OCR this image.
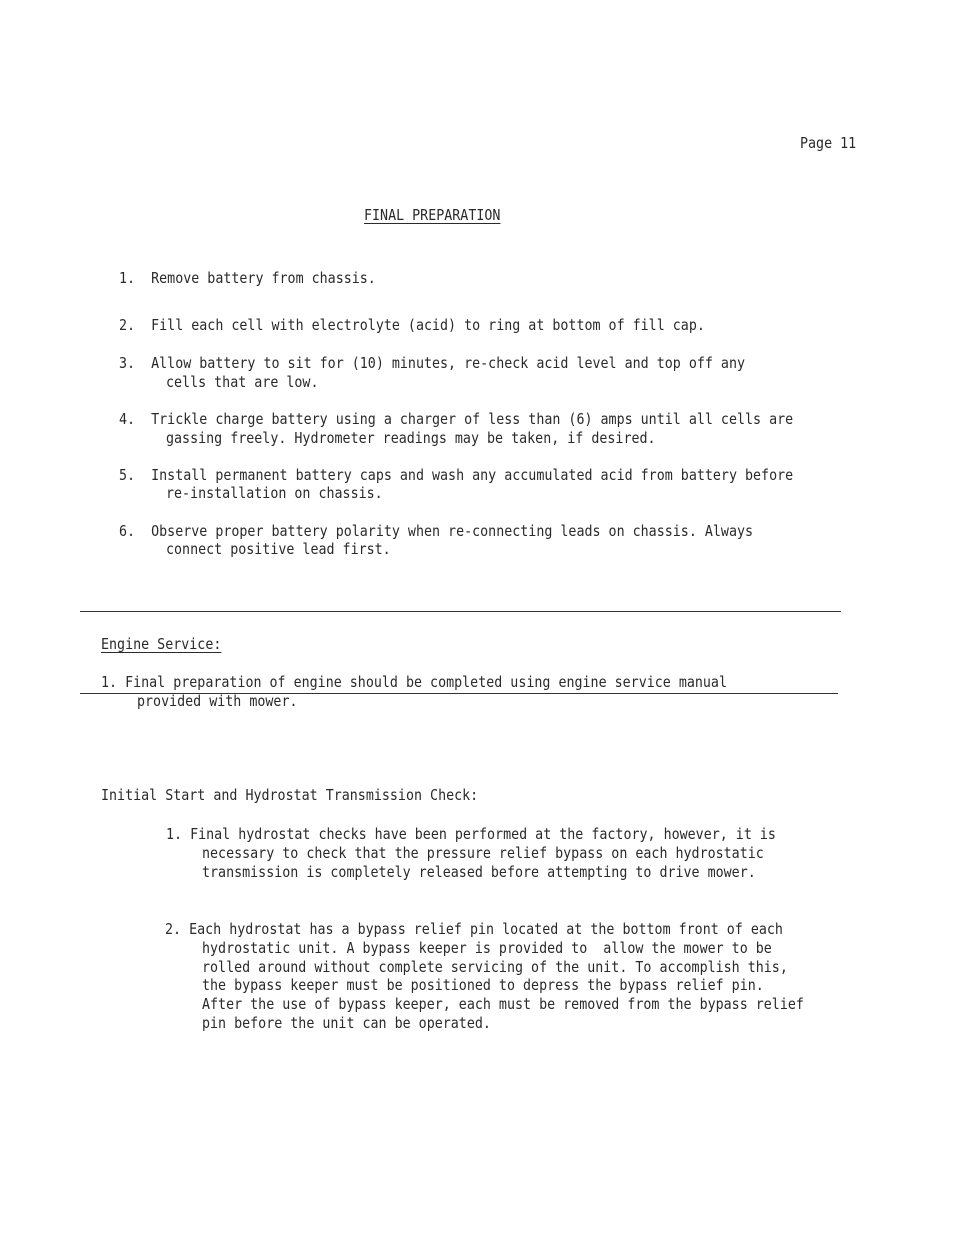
Page 11

FINAL PREPARATION

1. Remove battery from chassis.

2. Fill each cell with electrolyte (acid) to ring at bottom of fill cap.

3. Allow battery to sit for (10) minutes, re-check acid level and top off any

cells that are low.

4. Trickle charge battery using a charger of less than (6) amps until all cells are

gassing freely. Hydrometer readings may be taken, if desired.

5. Install permanent battery caps and wash any accumulated acid from battery before

re-installation on chassis.

6. Observe proper battery polarity when re-connecting leads on chassis. Always

connect positive lead first.

Engine Service:

1. Final preparation of engine should be completed using engine service manual

provided with mower.

Initial Start and Hydrostat Transmission Check:

1. Final hydrostat checks have been performed at the factory, however, it is

necessary to check that the pressure relief bypass on each hydrostatic

transmission is completely released before attempting to drive mower.

2. Each hydrostat has a bypass relief pin located at the bottom front of each

hydrostatic unit. A bypass keeper is provided to  allow the mower to be

rolled around without complete servicing of the unit. To accomplish this,

the bypass keeper must be positioned to depress the bypass relief pin.

After the use of bypass keeper, each must be removed from the bypass relief

pin before the unit can be operated.
